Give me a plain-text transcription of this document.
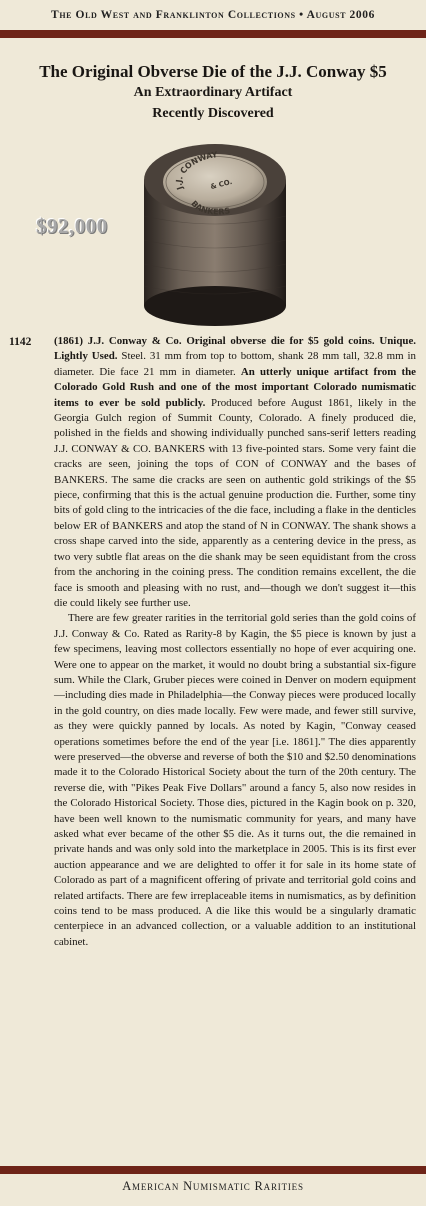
The Old West and Franklinton Collections • August 2006
The Original Obverse Die of the J.J. Conway $5
An Extraordinary Artifact
Recently Discovered
$92,000
J.J. CONWAY
& CO.
BANKERS
1142 (1861) J.J. Conway & Co. Original obverse die for $5 gold coins. Unique. Lightly Used. Steel. 31 mm from top to bottom, shank 28 mm tall, 32.8 mm in diameter. Die face 21 mm in diameter. An utterly unique artifact from the Colorado Gold Rush and one of the most important Colorado numismatic items to ever be sold publicly. Produced before August 1861, likely in the Georgia Gulch region of Summit County, Colorado. A finely produced die, polished in the fields and showing individually punched sans-serif letters reading J.J. CONWAY & CO. BANKERS with 13 five-pointed stars. Some very faint die cracks are seen, joining the tops of CON of CONWAY and the bases of BANKERS. The same die cracks are seen on authentic gold strikings of the $5 piece, confirming that this is the actual genuine production die. Further, some tiny bits of gold cling to the intricacies of the die face, including a flake in the denticles below ER of BANKERS and atop the stand of N in CONWAY. The shank shows a cross shape carved into the side, apparently as a centering device in the press, as two very subtle flat areas on the die shank may be seen equidistant from the cross from the anchoring in the coining press. The condition remains excellent, the die face is smooth and pleasing with no rust, and—though we don't suggest it—this die could likely see further use.

There are few greater rarities in the territorial gold series than the gold coins of J.J. Conway & Co. Rated as Rarity-8 by Kagin, the $5 piece is known by just a few specimens, leaving most collectors essentially no hope of ever acquiring one. Were one to appear on the market, it would no doubt bring a substantial six-figure sum. While the Clark, Gruber pieces were coined in Denver on modern equipment—including dies made in Philadelphia—the Conway pieces were produced locally in the gold country, on dies made locally. Few were made, and fewer still survive, as they were quickly panned by locals. As noted by Kagin, "Conway ceased operations sometimes before the end of the year [i.e. 1861]." The dies apparently were preserved—the obverse and reverse of both the $10 and $2.50 denominations made it to the Colorado Historical Society about the turn of the 20th century. The reverse die, with "Pikes Peak Five Dollars" around a fancy 5, also now resides in the Colorado Historical Society. Those dies, pictured in the Kagin book on p. 320, have been well known to the numismatic community for years, and many have asked what ever became of the other $5 die. As it turns out, the die remained in private hands and was only sold into the marketplace in 2005. This is its first ever auction appearance and we are delighted to offer it for sale in its home state of Colorado as part of a magnificent offering of private and territorial gold coins and related artifacts. There are few irreplaceable items in numismatics, as by definition coins tend to be mass produced. A die like this would be a singularly dramatic centerpiece in an advanced collection, or a valuable addition to an institutional cabinet.

American Numismatic Rarities
